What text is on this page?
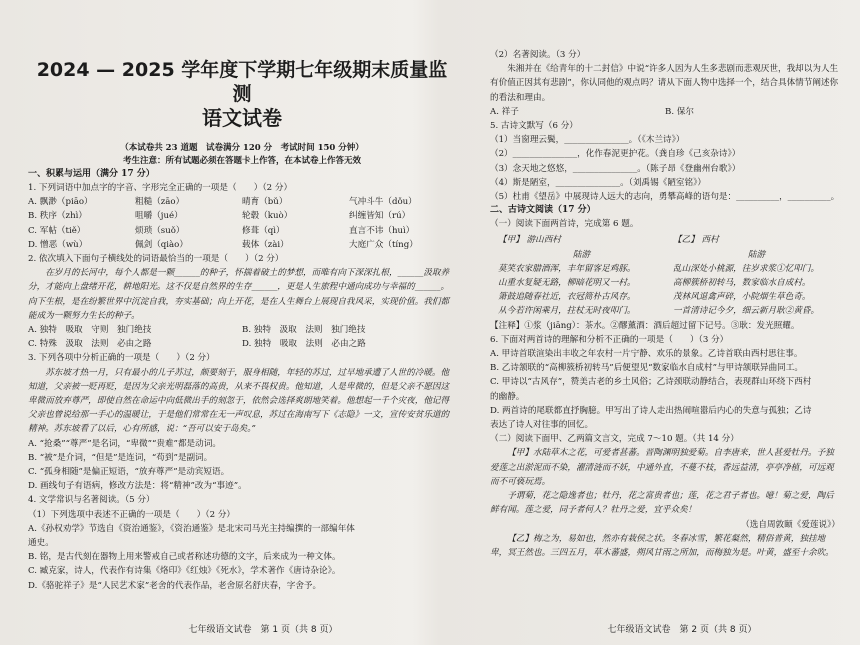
2024 — 2025 学年度下学期七年级期末质量监测
语文试卷
（本试卷共 23 道题　试卷满分 120 分　考试时间 150 分钟）
考生注意：所有试题必须在答题卡上作答，在本试卷上作答无效
一、积累与运用（满分 17 分）
1. 下列词语中加点字的字音、字形完全正确的一项是（　　）（2 分）
A. 飘渺（piāo）	粗糙（zāo）	晴育（bǔ）	气冲斗牛（dǒu）
B. 秩序（zhì）	咀嚼（jué）	轮毂（kuò）	纠缠皆知（rú）
C. 军帖（tiě）	烦琐（suǒ）	修葺（qì）	直言不讳（huì）
D. 憎恶（wù）	佩剑（qiào）	载体（zài）	大庭广众（tíng）
2. 依次填入下面句子横线处的词语最恰当的一项是（　　）（2 分）
在岁月的长河中，每个人都是一颗______的种子，怀揣着破土的梦想，而唯有向下深深扎根，______汲取养分，才能向上盘绪开花，耕地阳光。这不仅是自然界的生存______，更是人生旅程中通向成功与幸福的______。向下生根，是在纷繁世界中沉淀自我，夯实基础；向上开花，是在人生舞台上展现自我风采，实现价值。我们都能成为一颗努力生长的种子。
A. 独特　吸取　守则　独门绝技	B. 独特　汲取　法则　独门绝技
C. 特殊　汲取　法则　必由之路	D. 独特　吸取　法则　必由之路
3. 下列各项中分析正确的一项是（　　）（2 分）
苏东坡才热一月，只有最小的儿子苏过，颇要刻于，服身相随，年轻的苏过，过早地承遭了人世的冷暖。他知道，父亲被一贬再贬，是因为父亲光明磊落的高贵，从来不畏权贵。他知道，人是卑微的，但是父亲不愿因这卑微而放弃尊严，即使自然在命运中向低微出手的刻忽于，依然会选择爽朗地笑着。他想起一千个灾夜，他记得父亲也曾说给那一手心的温暖让，于是他们常常在无一声叹息，苏过在海南写下《志隐》一文，宣传安贫乐道的精神。苏东坡看了以后，心有所感，说：“吾可以安于岛矣。”
A. “抢桑”“尊严”是名词，“卑微”“贵难”都是动词。
B. “被”是介词，“但是”是连词，“苟到”是副词。
C. “孤身相随”是偏正短语，“放弃尊严”是动宾短语。
D. 画线句子有语病，修改方法是：将“精神”改为“事迹”。
4. 文学常识与名著阅读。（5 分）
（1）下列选项中表述不正确的一项是（　　）（2 分）
A.《孙权劝学》节选自《资治通鉴》，《资治通鉴》是北宋司马光主持编撰的一部编年体
通史。
B. 铭，是古代刻在器物上用来警戒自己或者称述功德的文字，后来成为一种文体。
C. 臧克家，诗人，代表作有诗集《烙印》《红烛》《死水》，学术著作《唐诗杂论》。
D.《骆驼祥子》是“人民艺术家”老舍的代表作品，老舍原名舒庆春，字舍予。
七年级语文试卷　第 1 页（共 8 页）
（2）名著阅读。（3 分）
朱湘并在《给青年的十二封信》中说“许多人因为人生多悲剧而悲观厌世，我却以为人生有价值正因其有悲剧”，你认同他的观点吗？请从下面人物中选择一个，结合具体情节阐述你的看法和理由。
A. 祥子	B. 保尔
5. 古诗文默写（6 分）
（1）当窗理云鬓，_______________。（《木兰诗》）
（2）_______________，化作春泥更护花。（龚自珍《己亥杂诗》）
（3）念天地之悠悠，_______________。（陈子昂《登幽州台歌》）
（4）斯是陋室，_______________。（刘禹锡《陋室铭》）
（5）杜甫《望岳》中展现诗人远大的志向，勇攀高峰的语句是：__________，__________。
二、古诗文阅读（17 分）
（一）阅读下面两首诗，完成第 6 题。
【甲】 游山西村
陆游
莫笑农家腊酒浑，丰年留客足鸡豚。
山重水复疑无路，柳暗花明又一村。
箫鼓追随春社近，衣冠简朴古风存。
从今若许闲乘月，拄杖无时夜叩门。
【乙】 西村
陆游
乱山深处小桃源，往岁求浆①忆叩门。
高柳簇桥初转马，数家临水自成村。
茂林风退禽声碎，小院烟生草色奇。
一首清诗记今夕，细云新月耿②黄昏。
【注释】①浆（jiāng）：茶水。②醪薰酒：酒后超过留下记号。③耿：发光照耀。
6. 下面对两首诗的理解和分析不正确的一项是（　　）（3 分）
A. 甲诗首联渲染出丰收之年农村一片宁静、欢乐的景象。乙诗首联由西村思往事。
B. 乙诗颔联的“高柳簇桥初转马”后便望见“数家临水自成村”与甲诗颔联异曲同工。
C. 甲诗以“古风存”，赞美古老的乡土风俗；乙诗颈联动静结合，表现群山环绕下西村
的幽静。
D. 两首诗的尾联都直抒胸臆。甲写出了诗人走出热闹喧嚣后内心的失意与孤独；乙诗
表达了诗人对往事的回忆。
（二）阅读下面甲、乙两篇文言文，完成 7～10 题。（共 14 分）
【甲】水陆草木之花，可爱者甚蕃。晋陶渊明独爱菊。自李唐来，世人甚爱牡丹。予独爱莲之出淤泥而不染，濯清涟而不妖，中通外直，不蔓不枝，香远益清，亭亭净植，可远观而不可亵玩焉。
予谓菊，花之隐逸者也；牡丹，花之富贵者也；莲，花之君子者也。噫！菊之爱，陶后鲜有闻。莲之爱，同予者何人？牡丹之爱，宜乎众矣！
（选自周敦颐《爱莲说》）
【乙】梅之为，易如也，然亦有栽侯之状。冬春冰雪，繁花粲然，精俗普黄，独挂地卑，冥王然也。三四五月，草木蕃盛，朔风甘雨之所加，而梅独为是。叶黄，盛至十余吹。
七年级语文试卷　第 2 页（共 8 页）
